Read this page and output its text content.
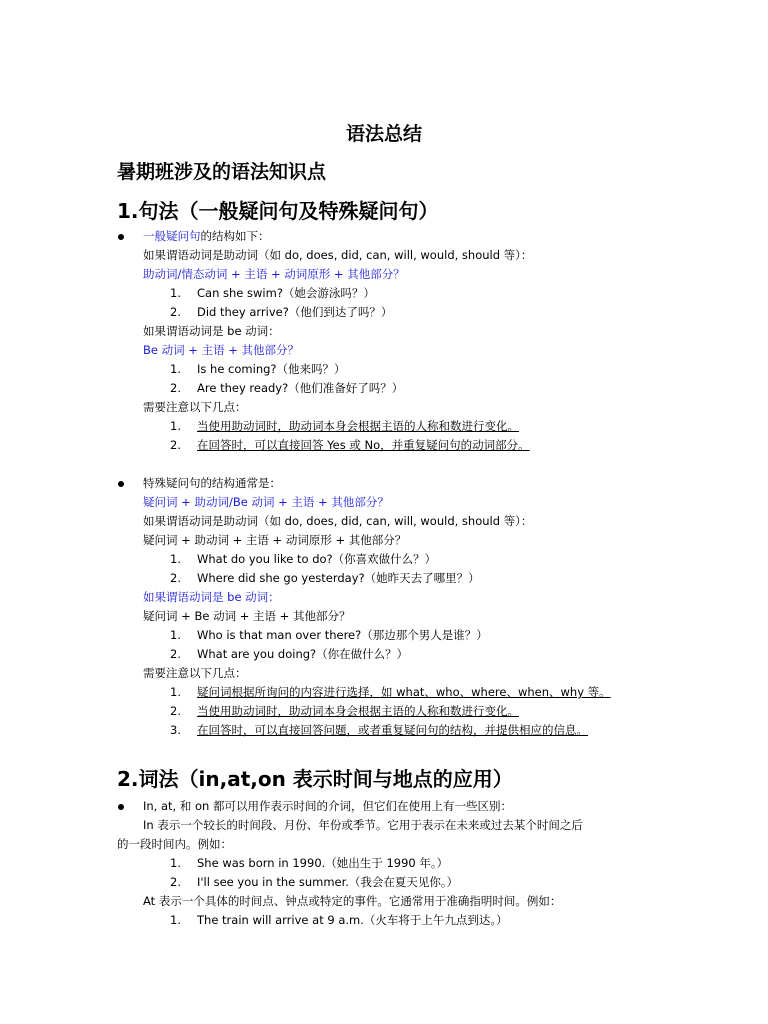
语法总结
暑期班涉及的语法知识点
1.句法（一般疑问句及特殊疑问句）
一般疑问句的结构如下：
如果谓语动词是助动词（如 do, does, did, can, will, would, should 等）：
助动词/情态动词 + 主语 + 动词原形 + 其他部分？
1.	Can she swim?（她会游泳吗？）
2.	Did they arrive?（他们到达了吗？）
如果谓语动词是 be 动词：
Be 动词 + 主语 + 其他部分？
1.	Is he coming?（他来吗？）
2.	Are they ready?（他们准备好了吗？）
需要注意以下几点：
1.	当使用助动词时，助动词本身会根据主语的人称和数进行变化。
2.	在回答时，可以直接回答 Yes 或 No，并重复疑问句的动词部分。
特殊疑问句的结构通常是：
疑问词 + 助动词/Be 动词 + 主语 + 其他部分？
如果谓语动词是助动词（如 do, does, did, can, will, would, should 等）：
疑问词 + 助动词 + 主语 + 动词原形 + 其他部分？
1.	What do you like to do?（你喜欢做什么？）
2.	Where did she go yesterday?（她昨天去了哪里？）
如果谓语动词是 be 动词：
疑问词 + Be 动词 + 主语 + 其他部分？
1.	Who is that man over there?（那边那个男人是谁？）
2.	What are you doing?（你在做什么？）
需要注意以下几点：
1.	疑问词根据所询问的内容进行选择，如 what、who、where、when、why 等。
2.	当使用助动词时，助动词本身会根据主语的人称和数进行变化。
3.	在回答时，可以直接回答问题，或者重复疑问句的结构，并提供相应的信息。
2.词法（in,at,on 表示时间与地点的应用）
In, at, 和 on 都可以用作表示时间的介词，但它们在使用上有一些区别：
In 表示一个较长的时间段、月份、年份或季节。它用于表示在未来或过去某个时间之后
的一段时间内。例如：
1.	She was born in 1990.（她出生于 1990 年。）
2.	I'll see you in the summer.（我会在夏天见你。）
At 表示一个具体的时间点、钟点或特定的事件。它通常用于准确指明时间。例如：
1.	The train will arrive at 9 a.m.（火车将于上午九点到达。）
